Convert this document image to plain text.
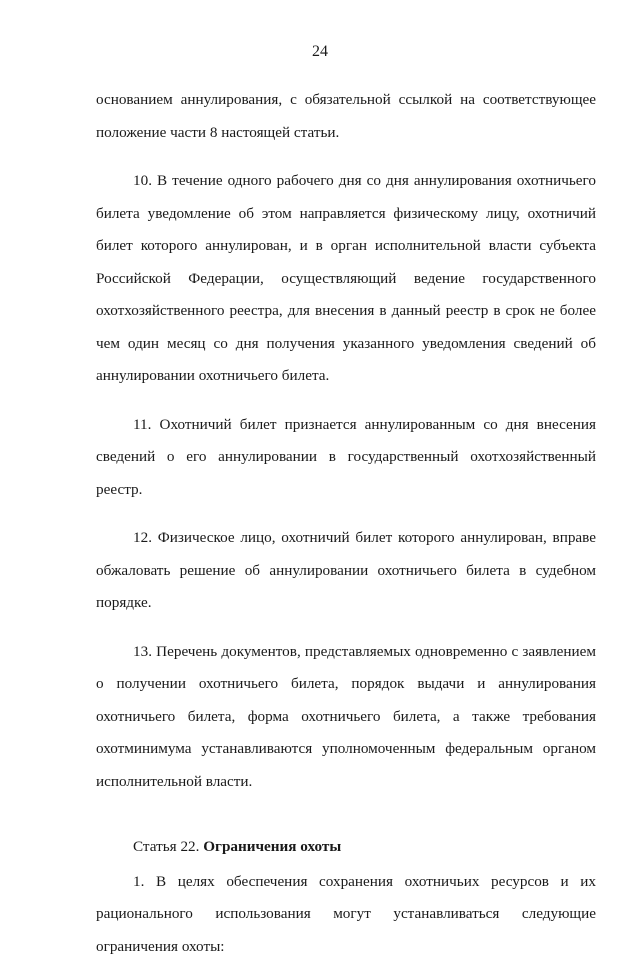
24

основанием аннулирования, с обязательной ссылкой на соответствующее положение части 8 настоящей статьи.

10. В течение одного рабочего дня со дня аннулирования охотничьего билета уведомление об этом направляется физическому лицу, охотничий билет которого аннулирован, и в орган исполнительной власти субъекта Российской Федерации, осуществляющий ведение государственного охотхозяйственного реестра, для внесения в данный реестр в срок не более чем один месяц со дня получения указанного уведомления сведений об аннулировании охотничьего билета.

11. Охотничий билет признается аннулированным со дня внесения сведений о его аннулировании в государственный охотхозяйственный реестр.

12. Физическое лицо, охотничий билет которого аннулирован, вправе обжаловать решение об аннулировании охотничьего билета в судебном порядке.

13. Перечень документов, представляемых одновременно с заявлением о получении охотничьего билета, порядок выдачи и аннулирования охотничьего билета, форма охотничьего билета, а также требования охотминимума устанавливаются уполномоченным федеральным органом исполнительной власти.

Статья 22. Ограничения охоты

1. В целях обеспечения сохранения охотничьих ресурсов и их рационального использования могут устанавливаться следующие ограничения охоты:
